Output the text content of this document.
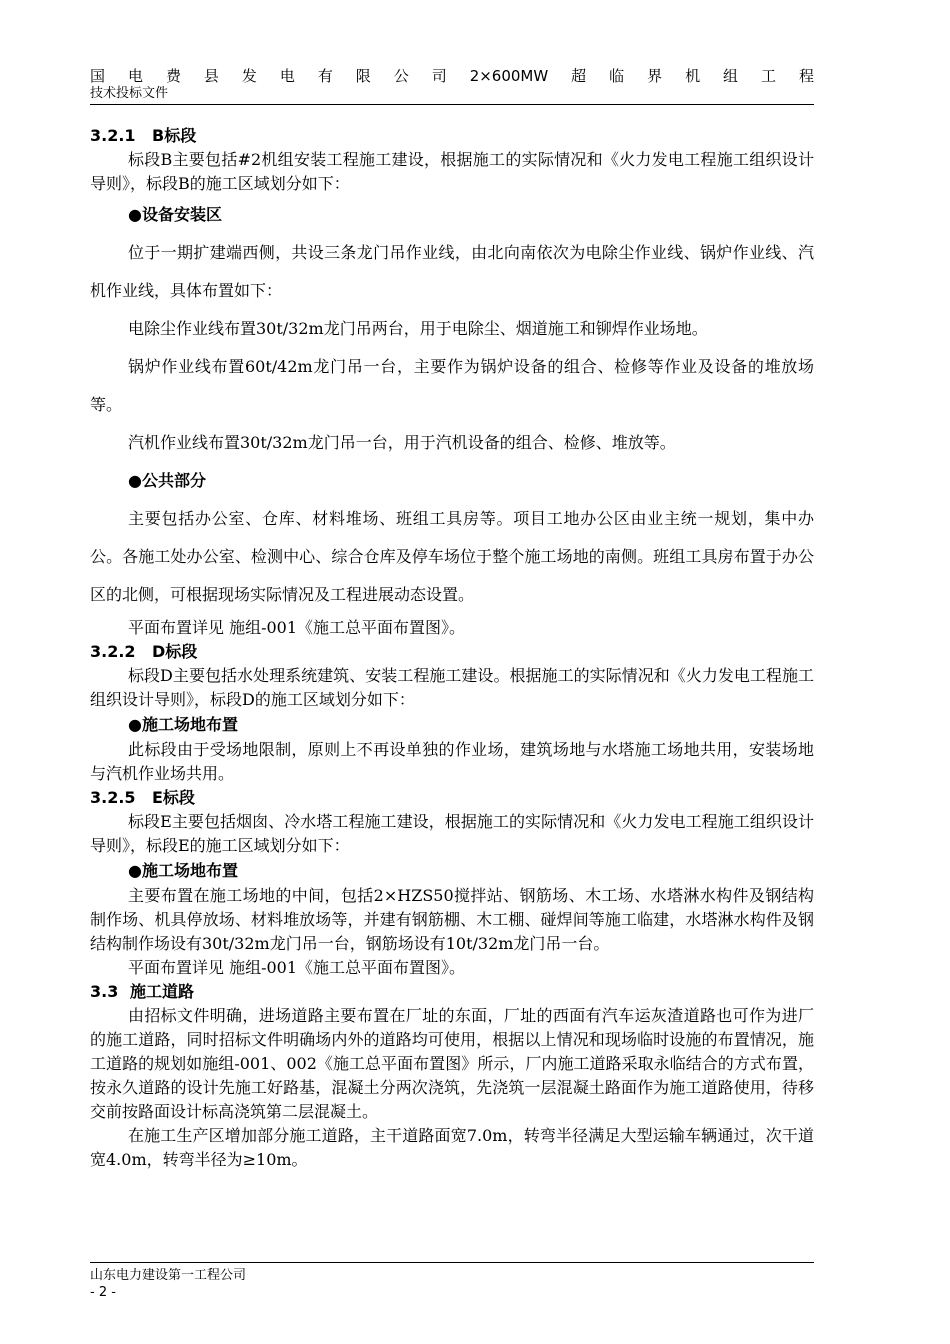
国 电 费 县 发 电 有 限 公 司 2×600MW 超 临 界 机 组 工 程
技术投标文件

3.2.1 B标段

标段B主要包括#2机组安装工程施工建设，根据施工的实际情况和《火力发电工程施工组织设计导则》，标段B的施工区域划分如下：

●设备安装区

位于一期扩建端西侧，共设三条龙门吊作业线，由北向南依次为电除尘作业线、锅炉作业线、汽机作业线，具体布置如下：

电除尘作业线布置30t/32m龙门吊两台，用于电除尘、烟道施工和铆焊作业场地。

锅炉作业线布置60t/42m龙门吊一台，主要作为锅炉设备的组合、检修等作业及设备的堆放场等。

汽机作业线布置30t/32m龙门吊一台，用于汽机设备的组合、检修、堆放等。

●公共部分

主要包括办公室、仓库、材料堆场、班组工具房等。项目工地办公区由业主统一规划，集中办公。各施工处办公室、检测中心、综合仓库及停车场位于整个施工场地的南侧。班组工具房布置于办公区的北侧，可根据现场实际情况及工程进展动态设置。

平面布置详见 施组-001《施工总平面布置图》。

3.2.2 D标段

标段D主要包括水处理系统建筑、安装工程施工建设。根据施工的实际情况和《火力发电工程施工组织设计导则》，标段D的施工区域划分如下：

●施工场地布置

此标段由于受场地限制，原则上不再设单独的作业场，建筑场地与水塔施工场地共用，安装场地与汽机作业场共用。

3.2.5 E标段

标段E主要包括烟囱、冷水塔工程施工建设，根据施工的实际情况和《火力发电工程施工组织设计导则》，标段E的施工区域划分如下：

●施工场地布置

主要布置在施工场地的中间，包括2×HZS50搅拌站、钢筋场、木工场、水塔淋水构件及钢结构制作场、机具停放场、材料堆放场等，并建有钢筋棚、木工棚、碰焊间等施工临建，水塔淋水构件及钢结构制作场设有30t/32m龙门吊一台，钢筋场设有10t/32m龙门吊一台。

平面布置详见 施组-001《施工总平面布置图》。

3.3 施工道路

由招标文件明确，进场道路主要布置在厂址的东面，厂址的西面有汽车运灰渣道路也可作为进厂的施工道路，同时招标文件明确场内外的道路均可使用，根据以上情况和现场临时设施的布置情况，施工道路的规划如施组-001、002《施工总平面布置图》所示，厂内施工道路采取永临结合的方式布置，按永久道路的设计先施工好路基，混凝土分两次浇筑，先浇筑一层混凝土路面作为施工道路使用，待移交前按路面设计标高浇筑第二层混凝土。

在施工生产区增加部分施工道路，主干道路面宽7.0m，转弯半径满足大型运输车辆通过，次干道宽4.0m，转弯半径为≥10m。

山东电力建设第一工程公司
- 2 -
